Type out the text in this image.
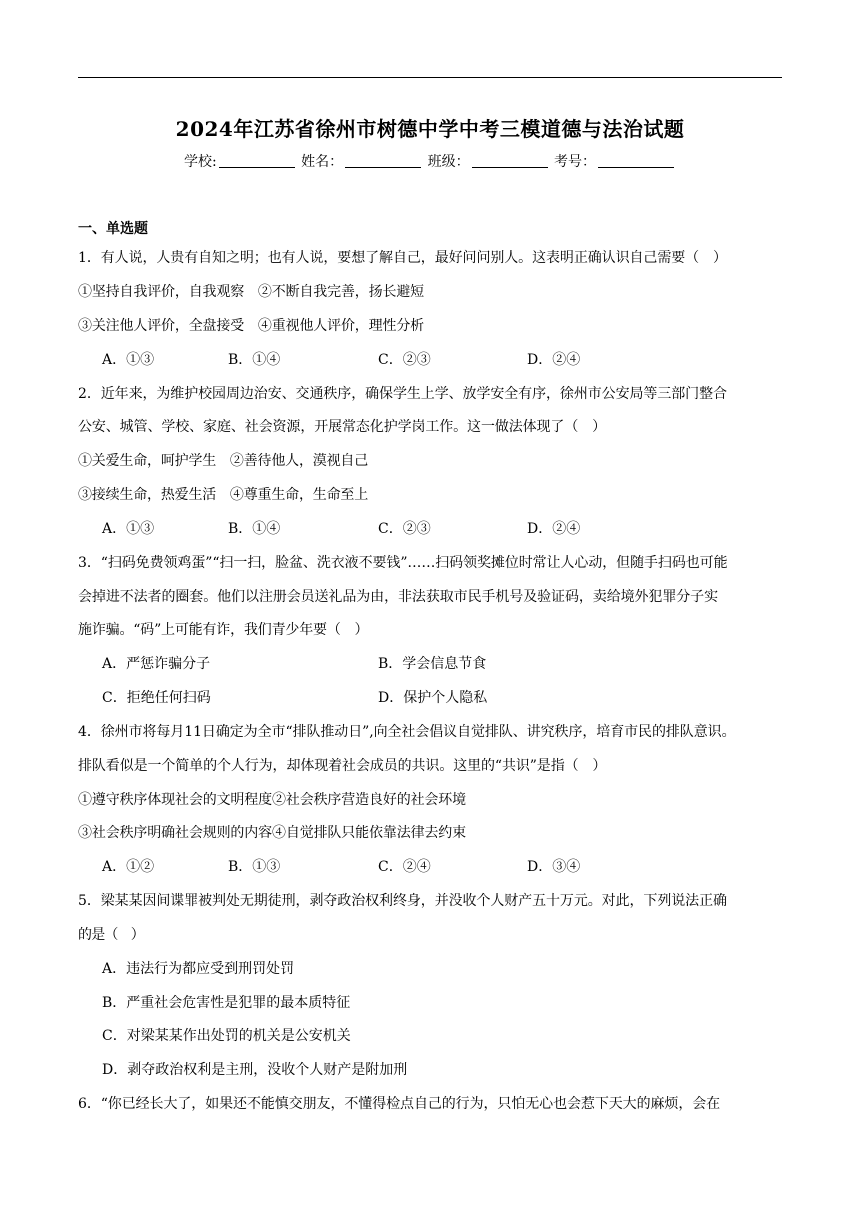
2024年江苏省徐州市树德中学中考三模道德与法治试题
学校:	姓名：	班级：	考号：
一、单选题
1．有人说，人贵有自知之明；也有人说，要想了解自己，最好问问别人。这表明正确认识自己需要（　）
①坚持自我评价，自我观察　②不断自我完善，扬长避短
③关注他人评价，全盘接受　④重视他人评价，理性分析
A．①③	B．①④	C．②③	D．②④
2．近年来，为维护校园周边治安、交通秩序，确保学生上学、放学安全有序，徐州市公安局等三部门整合
公安、城管、学校、家庭、社会资源，开展常态化护学岗工作。这一做法体现了（　）
①关爱生命，呵护学生　②善待他人，漠视自己
③接续生命，热爱生活　④尊重生命，生命至上
A．①③	B．①④	C．②③	D．②④
3．“扫码免费领鸡蛋”“扫一扫，脸盆、洗衣液不要钱”……扫码领奖摊位时常让人心动，但随手扫码也可能
会掉进不法者的圈套。他们以注册会员送礼品为由，非法获取市民手机号及验证码，卖给境外犯罪分子实
施诈骗。“码”上可能有诈，我们青少年要（　）
A．严惩诈骗分子	B．学会信息节食
C．拒绝任何扫码	D．保护个人隐私
4．徐州市将每月11日确定为全市“排队推动日”,向全社会倡议自觉排队、讲究秩序，培育市民的排队意识。
排队看似是一个简单的个人行为，却体现着社会成员的共识。这里的“共识”是指（　）
①遵守秩序体现社会的文明程度②社会秩序营造良好的社会环境
③社会秩序明确社会规则的内容④自觉排队只能依靠法律去约束
A．①②	B．①③	C．②④	D．③④
5．梁某某因间谍罪被判处无期徒刑，剥夺政治权利终身，并没收个人财产五十万元。对此，下列说法正确
的是（　）
A．违法行为都应受到刑罚处罚
B．严重社会危害性是犯罪的最本质特征
C．对梁某某作出处罚的机关是公安机关
D．剥夺政治权利是主刑，没收个人财产是附加刑
6．“你已经长大了，如果还不能慎交朋友，不懂得检点自己的行为，只怕无心也会惹下天大的麻烦，会在
